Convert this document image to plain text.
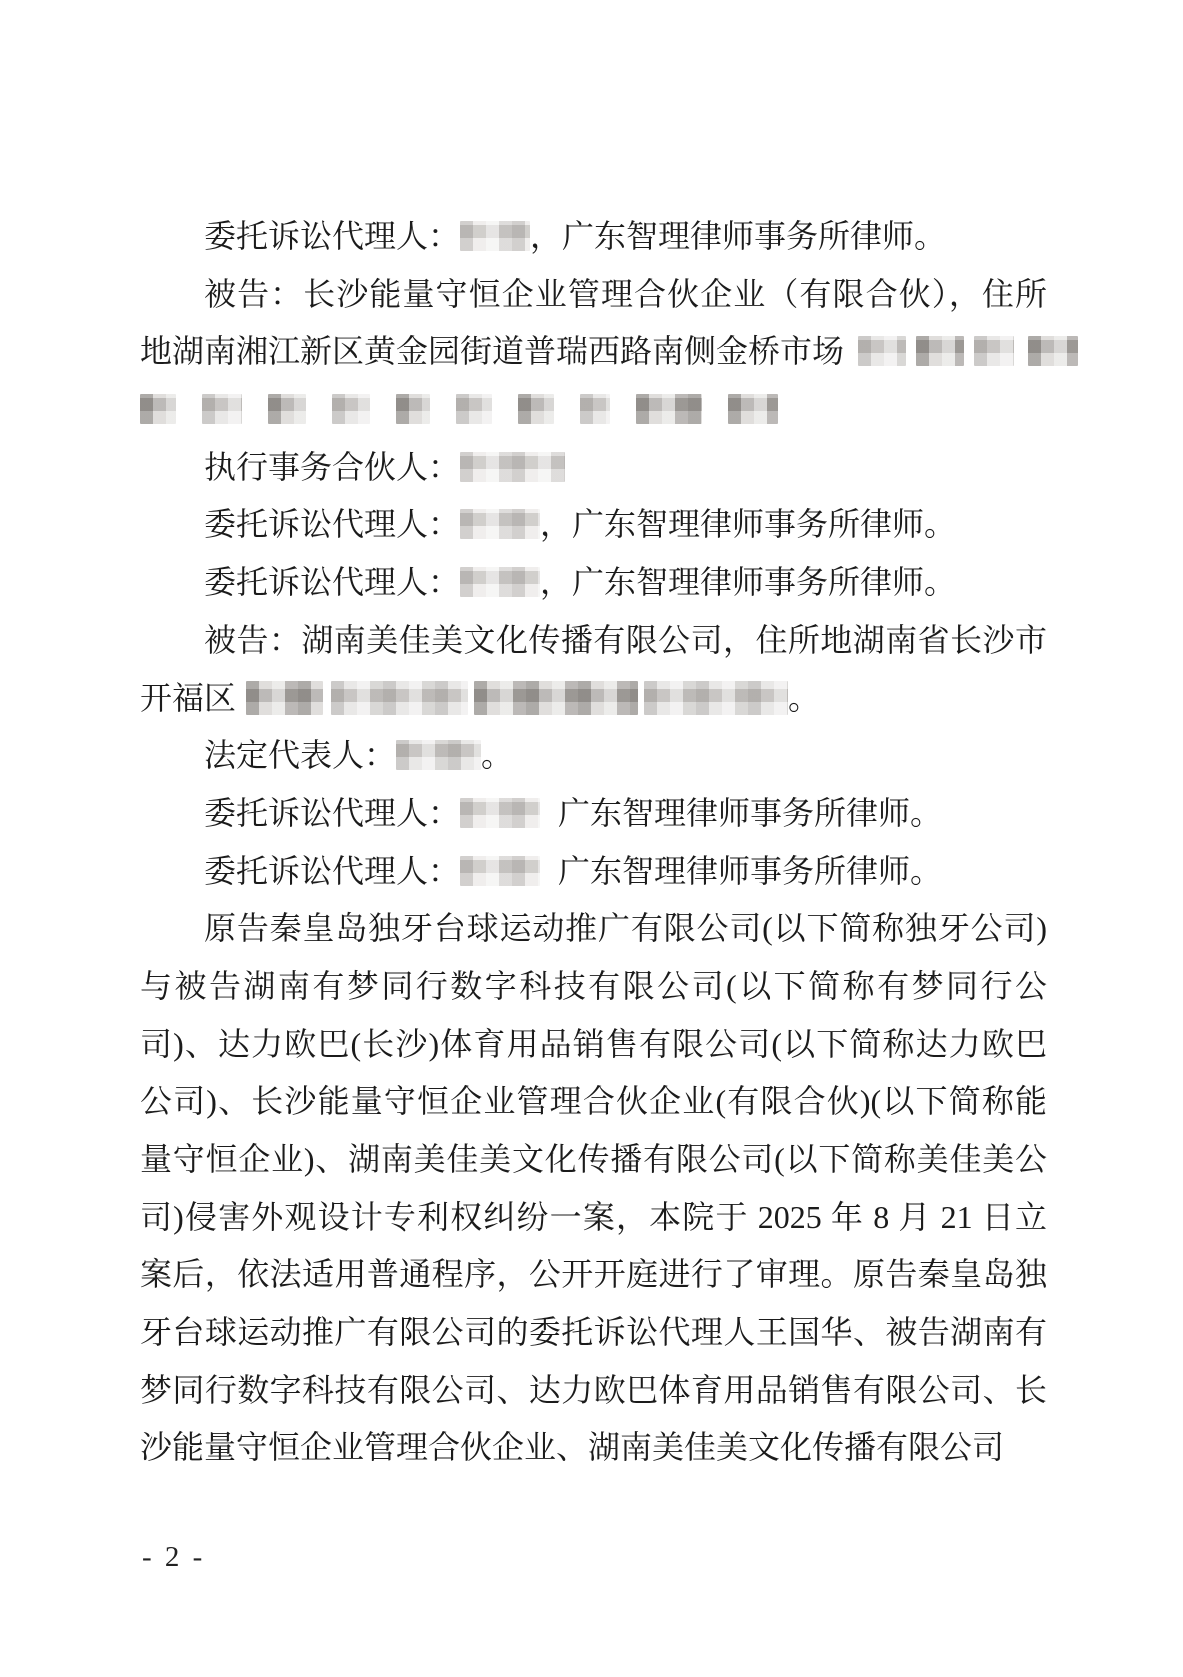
委托诉讼代理人： ，广东智理律师事务所律师。
被告：长沙能量守恒企业管理合伙企业（有限合伙），住所
地湖南湘江新区黄金园街道普瑞西路南侧金桥市场
执行事务合伙人：
委托诉讼代理人：	，广东智理律师事务所律师。
委托诉讼代理人：	，广东智理律师事务所律师。
被告：湖南美佳美文化传播有限公司，住所地湖南省长沙市
开福区	。
法定代表人：	。
委托诉讼代理人：	广东智理律师事务所律师。
委托诉讼代理人：	广东智理律师事务所律师。
原告秦皇岛独牙台球运动推广有限公司(以下简称独牙公司)
与被告湖南有梦同行数字科技有限公司(以下简称有梦同行公
司)、达力欧巴(长沙)体育用品销售有限公司(以下简称达力欧巴
公司)、长沙能量守恒企业管理合伙企业(有限合伙)(以下简称能
量守恒企业)、湖南美佳美文化传播有限公司(以下简称美佳美公
司)侵害外观设计专利权纠纷一案，本院于 2025 年 8 月 21 日立
案后，依法适用普通程序，公开开庭进行了审理。原告秦皇岛独
牙台球运动推广有限公司的委托诉讼代理人王国华、被告湖南有
梦同行数字科技有限公司、达力欧巴体育用品销售有限公司、长
沙能量守恒企业管理合伙企业、湖南美佳美文化传播有限公司
- 2 -
